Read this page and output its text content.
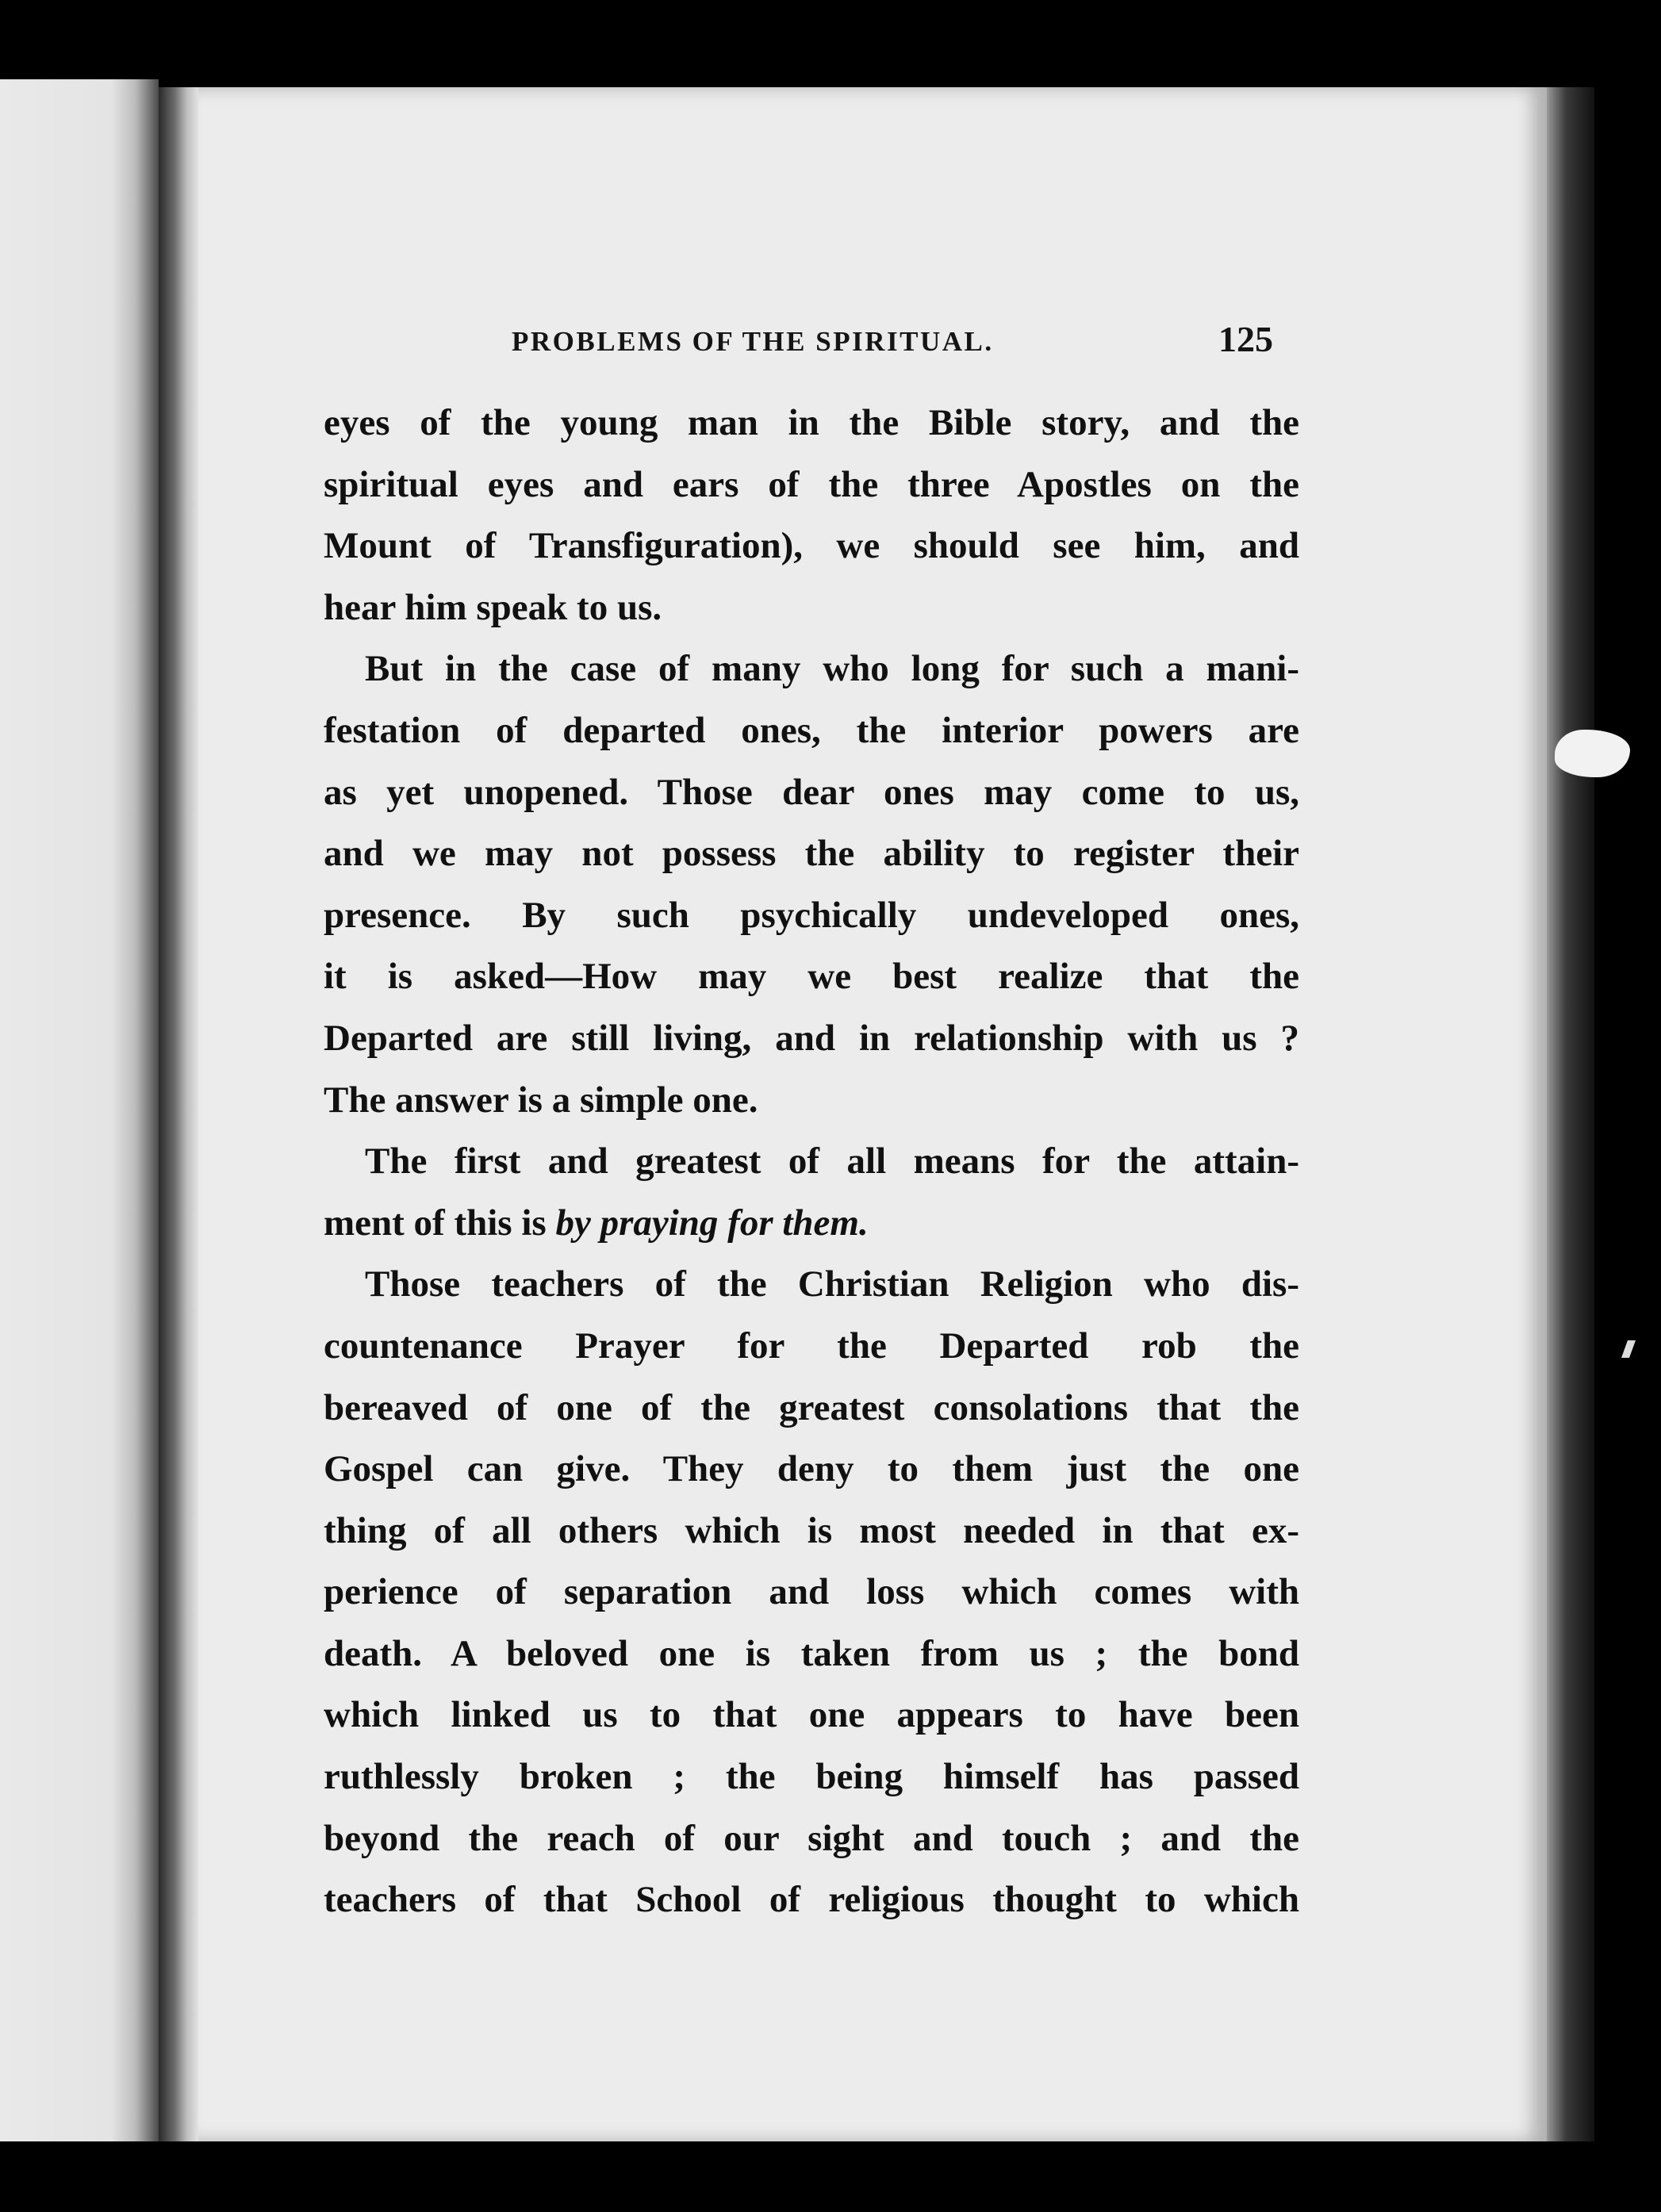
PROBLEMS OF THE SPIRITUAL.	125
eyes of the young man in the Bible story, and the
spiritual eyes and ears of the three Apostles on the
Mount of Transfiguration), we should see him, and
hear him speak to us.
But in the case of many who long for such a mani-
festation of departed ones, the interior powers are
as yet unopened. Those dear ones may come to us,
and we may not possess the ability to register their
presence. By such psychically undeveloped ones,
it is asked—How may we best realize that the
Departed are still living, and in relationship with us ?
The answer is a simple one.
The first and greatest of all means for the attain-
ment of this is by praying for them.
Those teachers of the Christian Religion who dis-
countenance Prayer for the Departed rob the
bereaved of one of the greatest consolations that the
Gospel can give. They deny to them just the one
thing of all others which is most needed in that ex-
perience of separation and loss which comes with
death. A beloved one is taken from us ; the bond
which linked us to that one appears to have been
ruthlessly broken ; the being himself has passed
beyond the reach of our sight and touch ; and the
teachers of that School of religious thought to which
